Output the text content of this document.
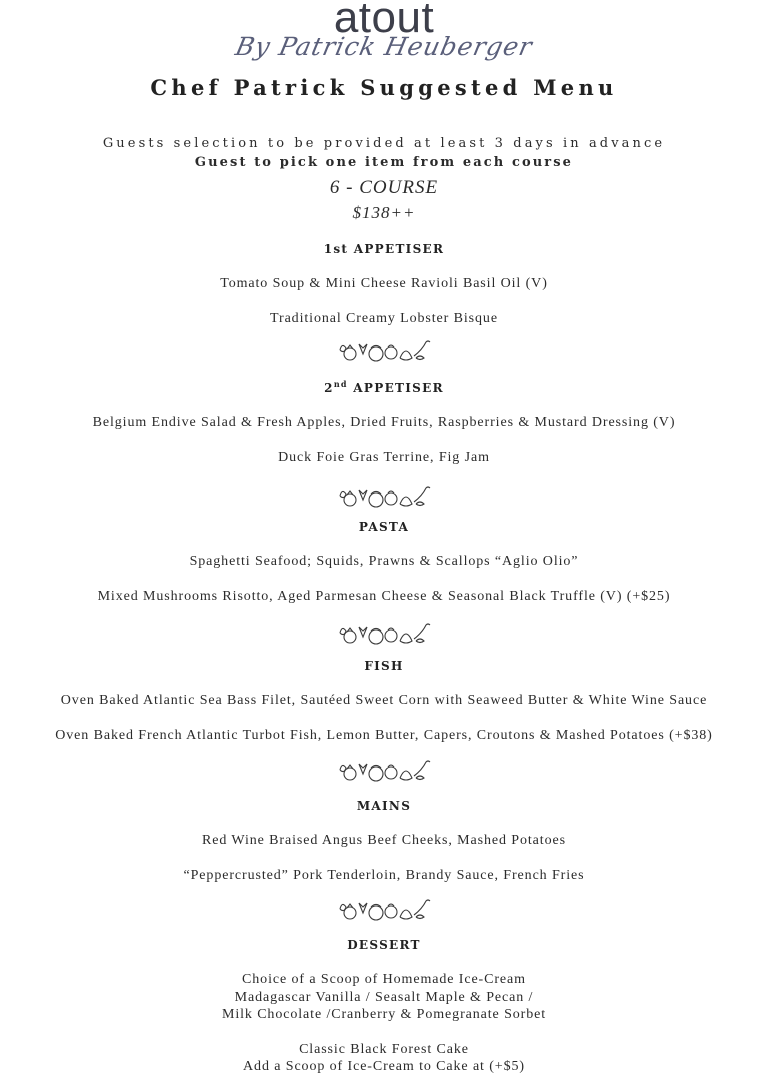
atout
By Patrick Heuberger
Chef Patrick Suggested Menu
Guests selection to be provided at least 3 days in advance
Guest to pick one item from each course
6 - COURSE
$138++
1st APPETISER
Tomato Soup & Mini Cheese Ravioli Basil Oil (V)
Traditional Creamy Lobster Bisque
2nd APPETISER
Belgium Endive Salad & Fresh Apples, Dried Fruits, Raspberries & Mustard Dressing (V)
Duck Foie Gras Terrine, Fig Jam
PASTA
Spaghetti Seafood; Squids, Prawns & Scallops “Aglio Olio”
Mixed Mushrooms Risotto, Aged Parmesan Cheese & Seasonal Black Truffle (V) (+$25)
FISH
Oven Baked Atlantic Sea Bass Filet, Sautéed Sweet Corn with Seaweed Butter & White Wine Sauce
Oven Baked French Atlantic Turbot Fish, Lemon Butter, Capers, Croutons & Mashed Potatoes (+$38)
MAINS
Red Wine Braised Angus Beef Cheeks, Mashed Potatoes
“Peppercrusted” Pork Tenderloin, Brandy Sauce, French Fries
DESSERT
Choice of a Scoop of Homemade Ice-Cream
Madagascar Vanilla / Seasalt Maple & Pecan /
Milk Chocolate /Cranberry & Pomegranate Sorbet
Classic Black Forest Cake
Add a Scoop of Ice-Cream to Cake at (+$5)
